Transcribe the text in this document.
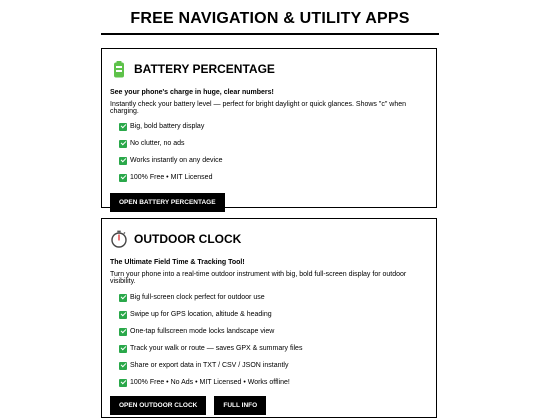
FREE NAVIGATION & UTILITY APPS
BATTERY PERCENTAGE
See your phone's charge in huge, clear numbers!
Instantly check your battery level — perfect for bright daylight or quick glances. Shows "c" when charging.
Big, bold battery display
No clutter, no ads
Works instantly on any device
100% Free • MIT Licensed
OPEN BATTERY PERCENTAGE
OUTDOOR CLOCK
The Ultimate Field Time & Tracking Tool!
Turn your phone into a real-time outdoor instrument with big, bold full-screen display for outdoor visibility.
Big full-screen clock perfect for outdoor use
Swipe up for GPS location, altitude & heading
One-tap fullscreen mode locks landscape view
Track your walk or route — saves GPX & summary files
Share or export data in TXT / CSV / JSON instantly
100% Free • No Ads • MIT Licensed • Works offline!
OPEN OUTDOOR CLOCK	FULL INFO
